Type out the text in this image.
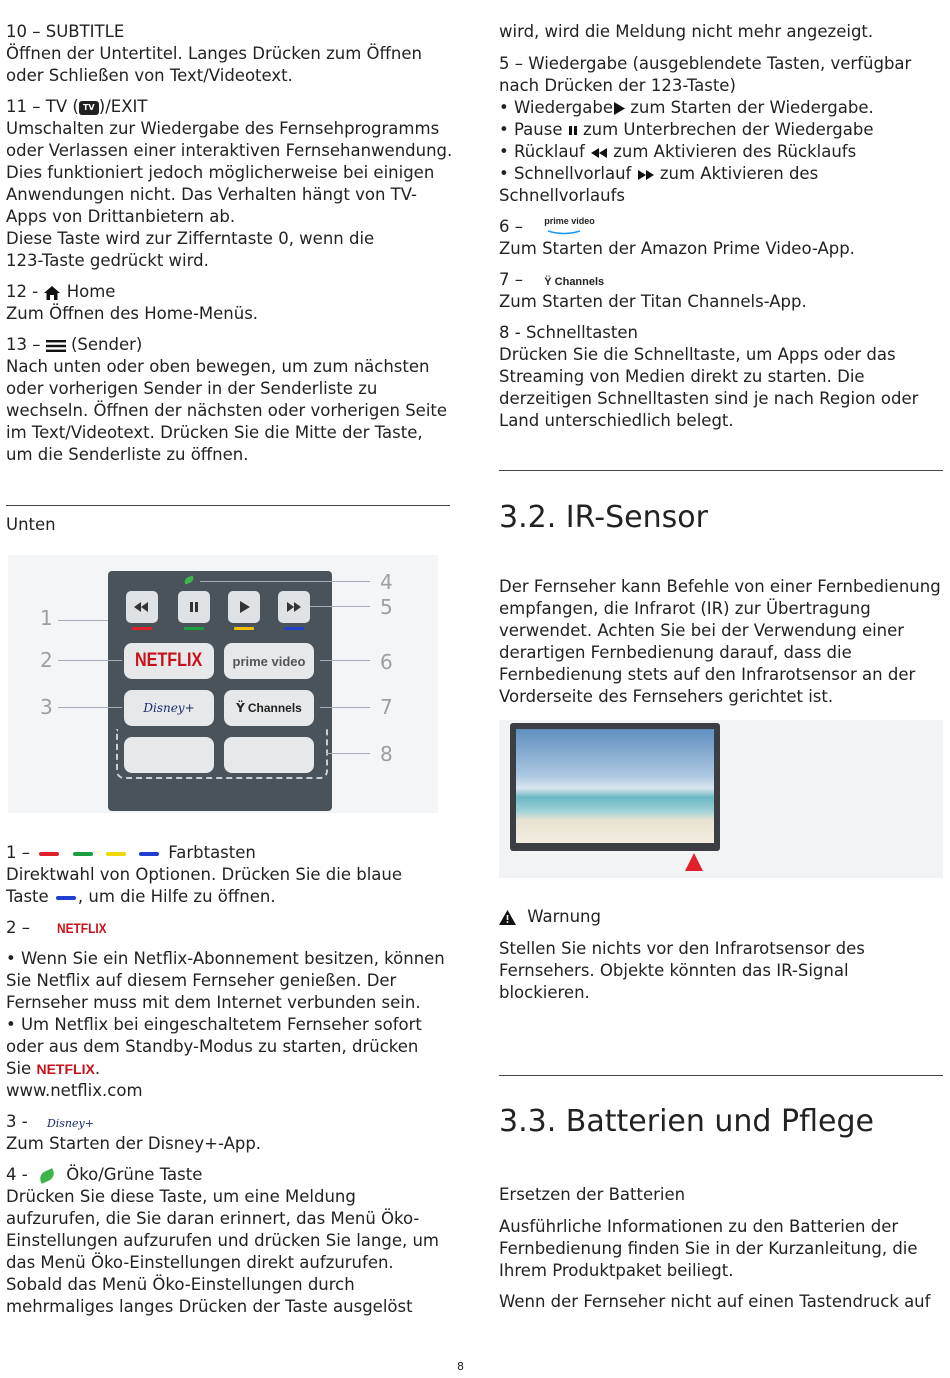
10 – SUBTITLE
Öffnen der Untertitel. Langes Drücken zum Öffnen
oder Schließen von Text/Videotext.
11 – TV ( TV )/EXIT
Umschalten zur Wiedergabe des Fernsehprogramms
oder Verlassen einer interaktiven Fernsehanwendung.
Dies funktioniert jedoch möglicherweise bei einigen
Anwendungen nicht. Das Verhalten hängt von TV-
Apps von Drittanbietern ab.
Diese Taste wird zur Zifferntaste 0, wenn die
123-Taste gedrückt wird.
12 -  Home
Zum Öffnen des Home-Menüs.
13 –  (Sender)
Nach unten oder oben bewegen, um zum nächsten
oder vorherigen Sender in der Senderliste zu
wechseln. Öffnen der nächsten oder vorherigen Seite
im Text/Videotext. Drücken Sie die Mitte der Taste,
um die Senderliste zu öffnen.
Unten
NETFLIX prime video
Disney+	Ϋ Channels
1
2
3
4
5
6
7
8
1 –	Farbtasten
Direktwahl von Optionen. Drücken Sie die blaue
Taste , um die Hilfe zu öffnen.
2 – NETFLIX
• Wenn Sie ein Netflix-Abonnement besitzen, können
Sie Netflix auf diesem Fernseher genießen. Der
Fernseher muss mit dem Internet verbunden sein.
• Um Netflix bei eingeschaltetem Fernseher sofort
oder aus dem Standby-Modus zu starten, drücken
Sie NETFLIX.
www.netflix.com
3 - Disney+
Zum Starten der Disney+-App.
4 -  Öko/Grüne Taste
Drücken Sie diese Taste, um eine Meldung
aufzurufen, die Sie daran erinnert, das Menü Öko-
Einstellungen aufzurufen und drücken Sie lange, um
das Menü Öko-Einstellungen direkt aufzurufen.
Sobald das Menü Öko-Einstellungen durch
mehrmaliges langes Drücken der Taste ausgelöst
wird, wird die Meldung nicht mehr angezeigt.
5 – Wiedergabe (ausgeblendete Tasten, verfügbar
nach Drücken der 123-Taste)
• Wiedergabe zum Starten der Wiedergabe.
• Pause  zum Unterbrechen der Wiedergabe
• Rücklauf  zum Aktivieren des Rücklaufs
• Schnellvorlauf  zum Aktivieren des
Schnellvorlaufs
6 – prime video

Zum Starten der Amazon Prime Video-App.
7 – Ϋ Channels
Zum Starten der Titan Channels-App.
8 - Schnelltasten
Drücken Sie die Schnelltaste, um Apps oder das
Streaming von Medien direkt zu starten. Die
derzeitigen Schnelltasten sind je nach Region oder
Land unterschiedlich belegt.
3.2. IR-Sensor
Der Fernseher kann Befehle von einer Fernbedienung
empfangen, die Infrarot (IR) zur Übertragung
verwendet. Achten Sie bei der Verwendung einer
derartigen Fernbedienung darauf, dass die
Fernbedienung stets auf den Infrarotsensor an der
Vorderseite des Fernsehers gerichtet ist.
Warnung
Stellen Sie nichts vor den Infrarotsensor des
Fernsehers. Objekte könnten das IR-Signal
blockieren.
3.3. Batterien und Pflege
Ersetzen der Batterien
Ausführliche Informationen zu den Batterien der
Fernbedienung finden Sie in der Kurzanleitung, die
Ihrem Produktpaket beiliegt.
Wenn der Fernseher nicht auf einen Tastendruck auf
8
